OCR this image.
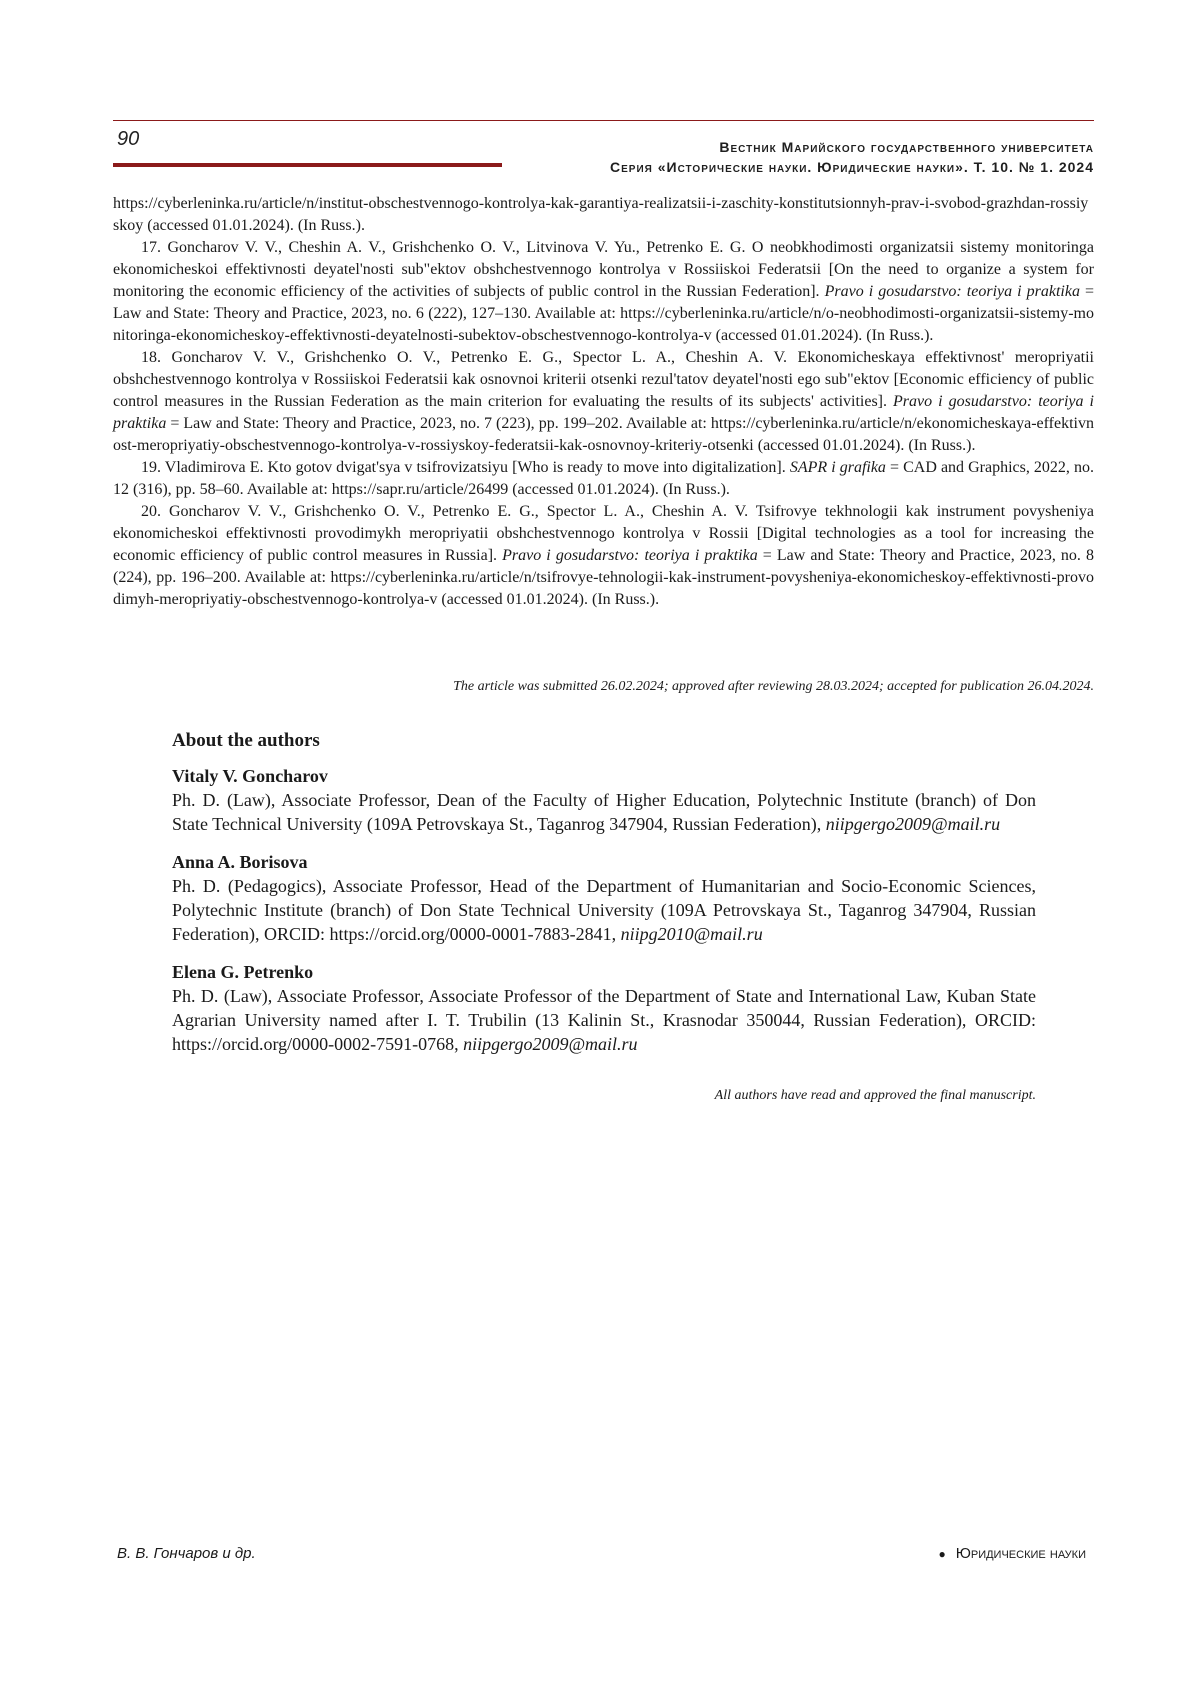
90	Вестник Марийского государственного университета
Серия «Исторические науки. Юридические науки». Т. 10. № 1. 2024

https://cyberleninka.ru/article/n/institut-obschestvennogo-kontrolya-kak-garantiya-realizatsii-i-zaschity-konstitutsionnyh-prav-i-svobod-grazhdan-rossiyskoy (accessed 01.01.2024). (In Russ.).

17. Goncharov V. V., Cheshin A. V., Grishchenko O. V., Litvinova V. Yu., Petrenko E. G. O neobkhodimosti organizatsii sistemy monitoringa ekonomicheskoi effektivnosti deyatel'nosti sub"ektov obshchestvennogo kontrolya v Rossiiskoi Federatsii [On the need to organize a system for monitoring the economic efficiency of the activities of subjects of public control in the Russian Federation]. Pravo i gosudarstvo: teoriya i praktika = Law and State: Theory and Practice, 2023, no. 6 (222), 127–130. Available at: https://cyberleninka.ru/article/n/o-neobhodimosti-organizatsii-sistemy-monitoringa-ekonomicheskoy-effektivnosti-deyatelnosti-subektov-obschestvennogo-kontrolya-v (accessed 01.01.2024). (In Russ.).

18. Goncharov V. V., Grishchenko O. V., Petrenko E. G., Spector L. A., Cheshin A. V. Ekonomicheskaya effektivnost' meropriyatii obshchestvennogo kontrolya v Rossiiskoi Federatsii kak osnovnoi kriterii otsenki rezul'tatov deyatel'nosti ego sub"ektov [Economic efficiency of public control measures in the Russian Federation as the main criterion for evaluating the results of its subjects' activities]. Pravo i gosudarstvo: teoriya i praktika = Law and State: Theory and Practice, 2023, no. 7 (223), pp. 199–202. Available at: https://cyberleninka.ru/article/n/ekonomicheskaya-effektivnost-meropriyatiy-obschestvennogo-kontrolya-v-rossiyskoy-federatsii-kak-osnovnoy-kriteriy-otsenki (accessed 01.01.2024). (In Russ.).

19. Vladimirova E. Kto gotov dvigat'sya v tsifrovizatsiyu [Who is ready to move into digitalization]. SAPR i grafika = CAD and Graphics, 2022, no. 12 (316), pp. 58–60. Available at: https://sapr.ru/article/26499 (accessed 01.01.2024). (In Russ.).

20. Goncharov V. V., Grishchenko O. V., Petrenko E. G., Spector L. A., Cheshin A. V. Tsifrovye tekhnologii kak instrument povysheniya ekonomicheskoi effektivnosti provodimykh meropriyatii obshchestvennogo kontrolya v Rossii [Digital technologies as a tool for increasing the economic efficiency of public control measures in Russia]. Pravo i gosudarstvo: teoriya i praktika = Law and State: Theory and Practice, 2023, no. 8 (224), pp. 196–200. Available at: https://cyberleninka.ru/article/n/tsifrovye-tehnologii-kak-instrument-povysheniya-ekonomicheskoy-effektivnosti-provodimyh-meropriyatiy-obschestvennogo-kontrolya-v (accessed 01.01.2024). (In Russ.).

The article was submitted 26.02.2024; approved after reviewing 28.03.2024; accepted for publication 26.04.2024.
About the authors
Vitaly V. Goncharov
Ph. D. (Law), Associate Professor, Dean of the Faculty of Higher Education, Polytechnic Institute (branch) of Don State Technical University (109A Petrovskaya St., Taganrog 347904, Russian Federation), niipgergo2009@mail.ru
Anna A. Borisova
Ph. D. (Pedagogics), Associate Professor, Head of the Department of Humanitarian and Socio-Economic Sciences, Polytechnic Institute (branch) of Don State Technical University (109A Petrovskaya St., Taganrog 347904, Russian Federation), ORCID: https://orcid.org/0000-0001-7883-2841, niipg2010@mail.ru
Elena G. Petrenko
Ph. D. (Law), Associate Professor, Associate Professor of the Department of State and International Law, Kuban State Agrarian University named after I. T. Trubilin (13 Kalinin St., Krasnodar 350044, Russian Federation), ORCID: https://orcid.org/0000-0002-7591-0768, niipgergo2009@mail.ru
All authors have read and approved the final manuscript.
В. В. Гончаров и др.	● Юридические науки
